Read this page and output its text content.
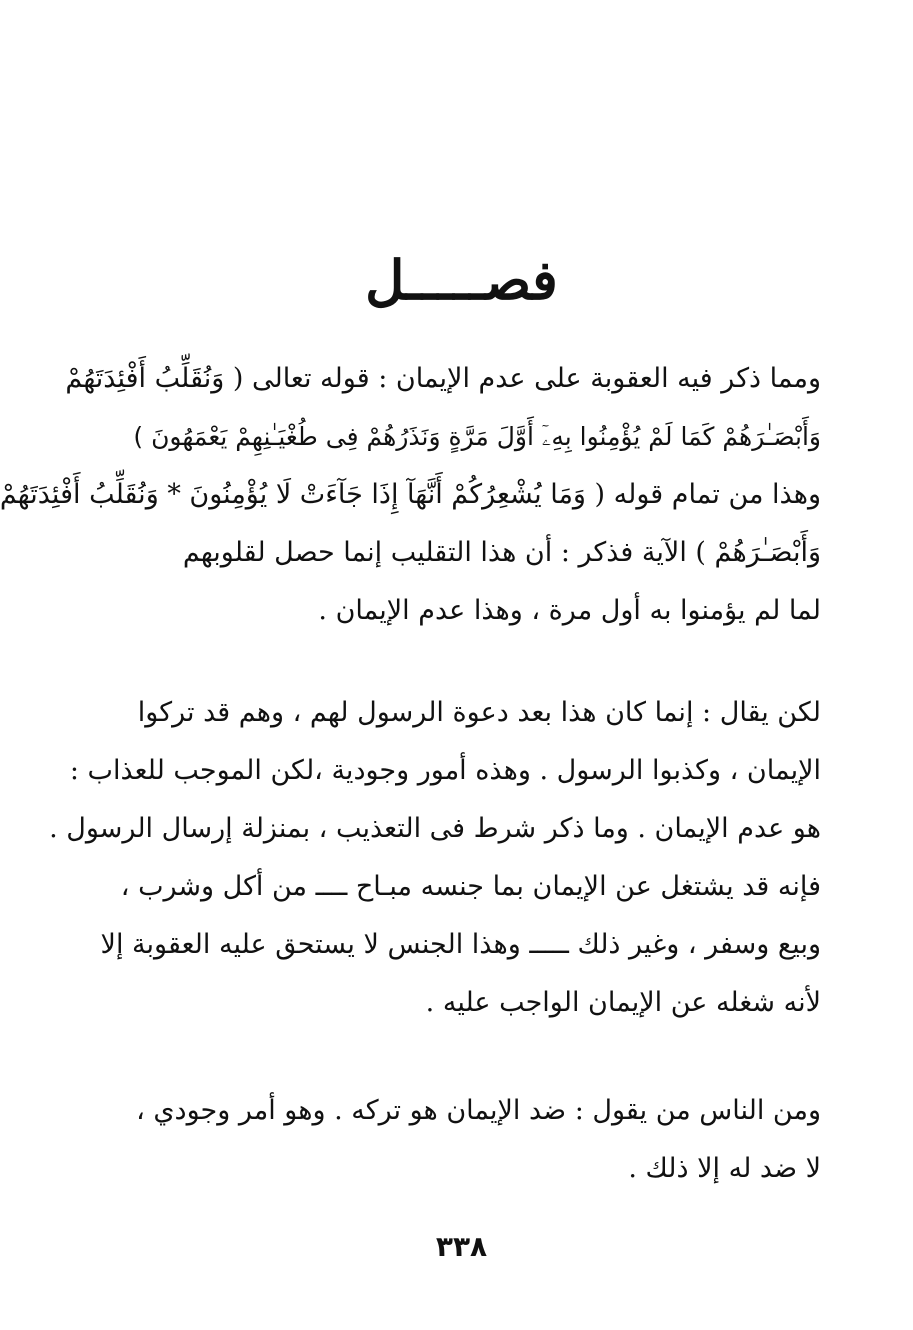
فصـــــل
ومما ذكر فيه العقوبة على عدم الإيمان : قوله تعالى ( وَنُقَلِّبُ أَفْئِدَتَهُمْ
وَأَبْصَـٰرَهُمْ كَمَا لَمْ يُؤْمِنُوا بِهِۦٓ أَوَّلَ مَرَّةٍ وَنَذَرُهُمْ فِى طُغْيَـٰنِهِمْ يَعْمَهُونَ )
وهذا من تمام قوله ( وَمَا يُشْعِرُكُمْ أَنَّهَآ إِذَا جَآءَتْ لَا يُؤْمِنُونَ * وَنُقَلِّبُ أَفْئِدَتَهُمْ
وَأَبْصَـٰرَهُمْ ) الآية فذكر : أن هذا التقليب إنما حصل لقلوبهم
لما لم يؤمنوا به أول مرة ، وهذا عدم الإيمان .
لكن يقال : إنما كان هذا بعد دعوة الرسول لهم ، وهم قد تركوا
الإيمان ، وكذبوا الرسول . وهذه أمور وجودية ،لكن الموجب للعذاب :
هو عدم الإيمان . وما ذكر شرط فى التعذيب ، بمنزلة إرسال الرسول .
فإنه قد يشتغل عن الإيمان بما جنسه مبـاح ــــ من أكل وشرب ،
وبيع وسفر ، وغير ذلك ـــــ وهذا الجنس لا يستحق عليه العقوبة إلا
لأنه شغله عن الإيمان الواجب عليه .
ومن الناس من يقول : ضد الإيمان هو تركه . وهو أمر وجودي ،
لا ضد له إلا ذلك .
٣٣٨
